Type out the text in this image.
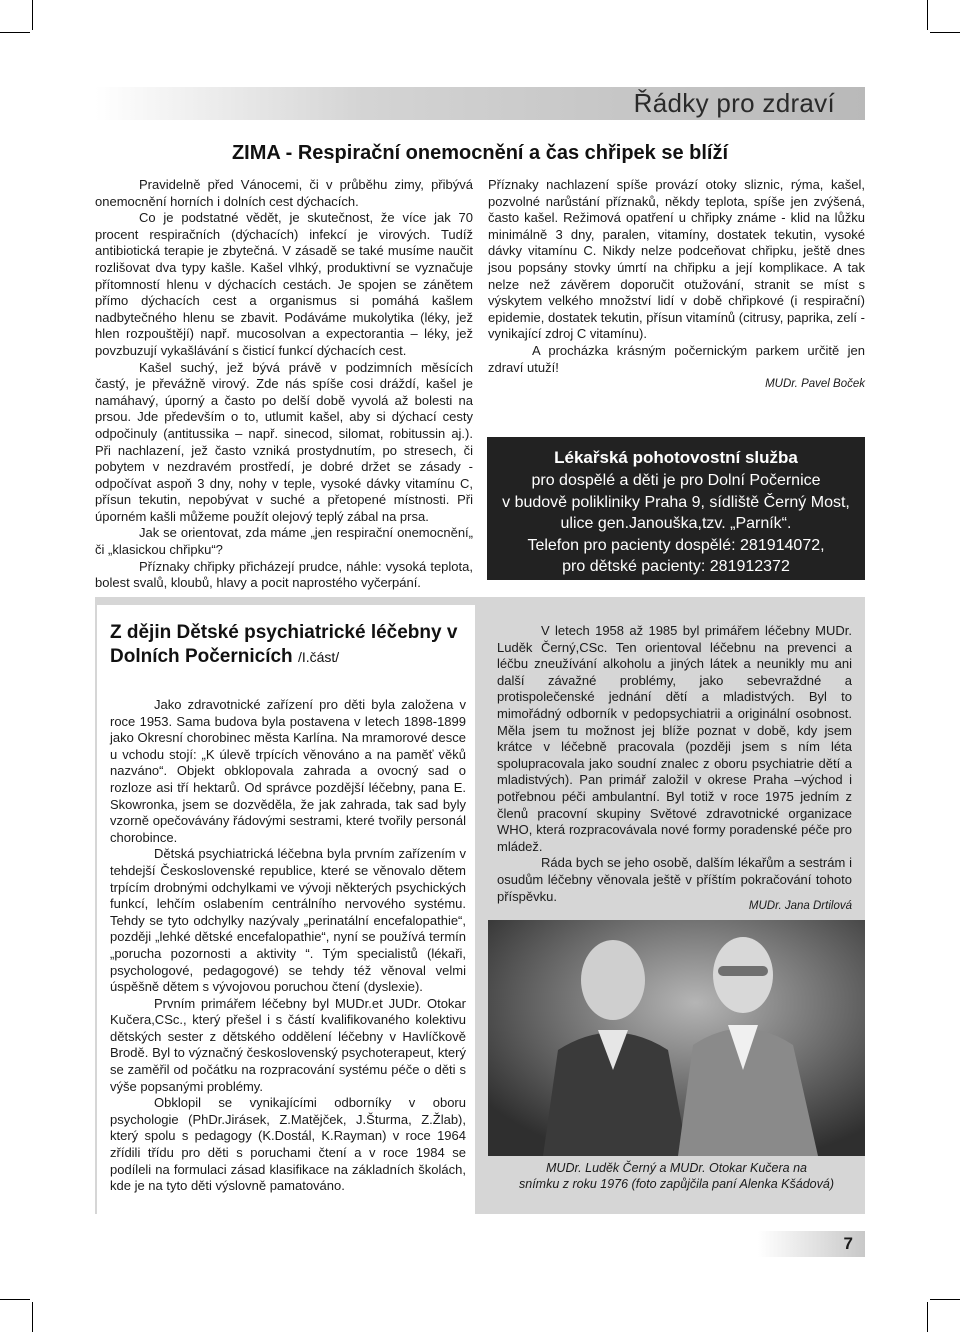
Řádky pro zdraví
ZIMA - Respirační onemocnění a čas chřipek se blíží

Pravidelně před Vánocemi, či v průběhu zimy, přibývá onemocnění horních i dolních cest dýchacích.

Co je podstatné vědět, je skutečnost, že více jak 70 procent respiračních (dýchacích) infekcí je virových. Tudíž antibiotická terapie je zbytečná. V zásadě se také musíme naučit rozlišovat dva typy kašle. Kašel vlhký, produktivní se vyznačuje přítomností hlenu v dýchacích cestách. Je spojen se zánětem přímo dýchacích cest a organismus si pomáhá kašlem nadbytečného hlenu se zbavit. Podáváme mukolytika (léky, jež hlen rozpouštějí) např. mucosolvan a expectorantia – léky, jež povzbuzují vykašlávání s čisticí funkcí dýchacích cest.

Kašel suchý, jež bývá právě v podzimních měsících častý, je převážně virový. Zde nás spíše cosi dráždí, kašel je namáhavý, úporný a často po delší době vyvolá až bolesti na prsou. Jde především o to, utlumit kašel, aby si dýchací cesty odpočinuly (antitussika – např. sinecod, silomat, robitussin aj.). Při nachlazení, jež často vzniká prostydnutím, po stresech, či pobytem v nezdravém prostředí, je dobré držet se zásady - odpočívat aspoň 3 dny, nohy v teple, vysoké dávky vitamínu C, přísun tekutin, nepobývat v suché a přetopené místnosti. Při úporném kašli můžeme použít olejový teplý zábal na prsa.

Jak se orientovat, zda máme „jen respirační onemocnění„ či „klasickou chřipku“?

Příznaky chřipky přicházejí prudce, náhle: vysoká teplota, bolest svalů, kloubů, hlavy a pocit naprostého vyčerpání.

Příznaky nachlazení spíše provází otoky sliznic, rýma, kašel, pozvolné narůstání příznaků, někdy teplota, spíše jen zvýšená, často kašel. Režimová opatření u chřipky známe - klid na lůžku minimálně 3 dny, paralen, vitamíny, dostatek tekutin, vysoké dávky vitamínu C. Nikdy nelze podceňovat chřipku, ještě dnes jsou popsány stovky úmrtí na chřipku a její komplikace. A tak nelze než závěrem doporučit otužování, stranit se míst s výskytem velkého množství lidí v době chřipkové (i respirační) epidemie, dostatek tekutin, přísun vitamínů (citrusy, paprika, zelí - vynikající zdroj C vitamínu).

A procházka krásným počernickým parkem určitě jen zdraví utuží!

MUDr. Pavel Boček
Lékařská pohotovostní služba
pro dospělé a děti je pro Dolní Počernice
v budově polikliniky Praha 9, sídliště Černý Most,
ulice gen.Janouška,tzv. „Parník“.
Telefon pro pacienty dospělé: 281914072,
pro dětské pacienty: 281912372
Z dějin Dětské psychiatrické léčebny v Dolních Počernicích /I.část/

Jako zdravotnické zařízení pro děti byla založena v roce 1953. Sama budova byla postavena v letech 1898-1899 jako Okresní chorobinec města Karlína. Na mramorové desce u vchodu stojí: „K úlevě trpících věnováno a na paměť věků nazváno“. Objekt obklopovala zahrada a ovocný sad o rozloze asi tří hektarů. Od správce pozdější léčebny, pana E. Skowronka, jsem se dozvěděla, že jak zahrada, tak sad byly vzorně opečovávány řádovými sestrami, které tvořily personál chorobince.

Dětská psychiatrická léčebna byla prvním zařízením v tehdejší Československé republice, které se věnovalo dětem trpícím drobnými odchylkami ve vývoji některých psychických funkcí, lehčím oslabením centrálního nervového systému. Tehdy se tyto odchylky nazývaly „perinatální encefalopathie“, později „lehké dětské encefalopathie“, nyní se používá termín „porucha pozornosti a aktivity “. Tým specialistů (lékaři, psychologové, pedagogové) se tehdy též věnoval velmi úspěšně dětem s vývojovou poruchou čtení (dyslexie).

Prvním primářem léčebny byl MUDr.et JUDr. Otokar Kučera,CSc., který přešel i s částí kvalifikovaného kolektivu dětských sester z dětského oddělení léčebny v Havlíčkově Brodě. Byl to význačný československý psychoterapeut, který se zaměřil od počátku na rozpracování systému péče o děti s výše popsanými problémy.

Obklopil se vynikajícími odborníky v oboru psychologie (PhDr.Jirásek, Z.Matějček, J.Šturma, Z.Žlab), který spolu s pedagogy (K.Dostál, K.Rayman) v roce 1964 zřídili třídu pro děti s poruchami čtení a v roce 1984 se podíleli na formulaci zásad klasifikace na základních školách, kde je na tyto děti výslovně pamatováno.

V letech 1958 až 1985 byl primářem léčebny MUDr. Luděk Černý,CSc. Ten orientoval léčebnu na prevenci a léčbu zneužívání alkoholu a jiných látek a neunikly mu ani další závažné problémy, jako sebevraždné a protispolečenské jednání dětí a mladistvých. Byl to mimořádný odborník v pedopsychiatrii a originální osobnost. Měla jsem tu možnost jej blíže poznat v době, kdy jsem krátce v léčebně pracovala (později jsem s ním léta spolupracovala jako soudní znalec z oboru psychiatrie dětí a mladistvých). Pan primář založil v okrese Praha –východ i potřebnou péči ambulantní. Byl totiž v roce 1975 jedním z členů pracovní skupiny Světové zdravotnické organizace WHO, která rozpracovávala nové formy poradenské péče pro mládež.

Ráda bych se jeho osobě, dalším lékařům a sestrám i osudům léčebny věnovala ještě v příštím pokračování tohoto příspěvku.

MUDr. Jana Drtilová
MUDr. Luděk Černý a MUDr. Otokar Kučera na
snímku z roku 1976 (foto zapůjčila paní Alenka Kšádová)
7
